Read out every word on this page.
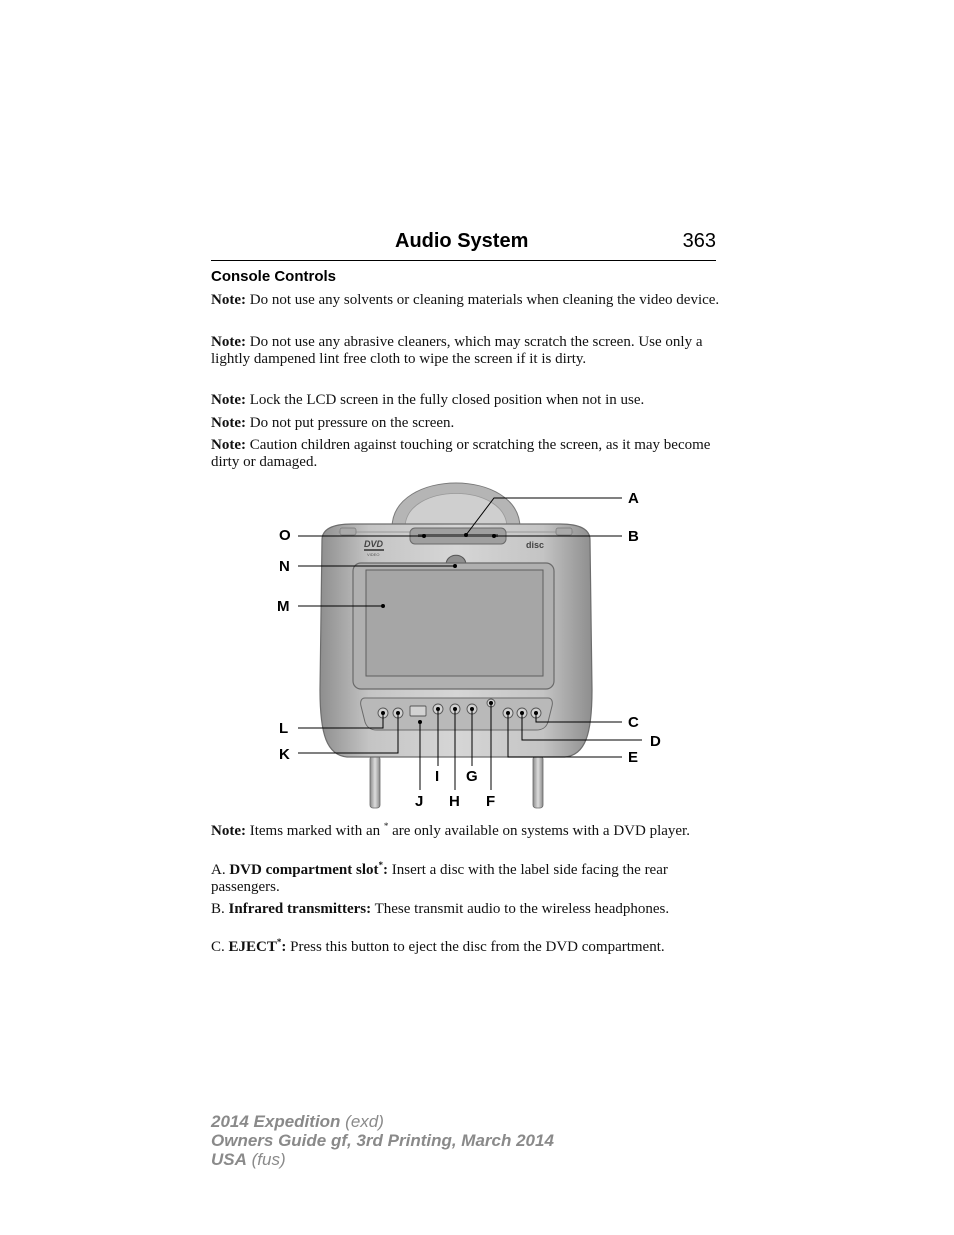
Audio System	363
Console Controls

Note: Do not use any solvents or cleaning materials when cleaning the video device.

Note: Do not use any abrasive cleaners, which may scratch the screen. Use only a lightly dampened lint free cloth to wipe the screen if it is dirty.

Note: Lock the LCD screen in the fully closed position when not in use.

Note: Do not put pressure on the screen.

Note: Caution children against touching or scratching the screen, as it may become dirty or damaged.

DVD
VIDEO
disc
A
B
O
N
M
L
K
C
D
E
I G
J H F

Note: Items marked with an * are only available on systems with a DVD player.

A. DVD compartment slot*: Insert a disc with the label side facing the rear passengers.

B. Infrared transmitters: These transmit audio to the wireless headphones.

C. EJECT*: Press this button to eject the disc from the DVD compartment.

2014 Expedition (exd)
Owners Guide gf, 3rd Printing, March 2014
USA (fus)
